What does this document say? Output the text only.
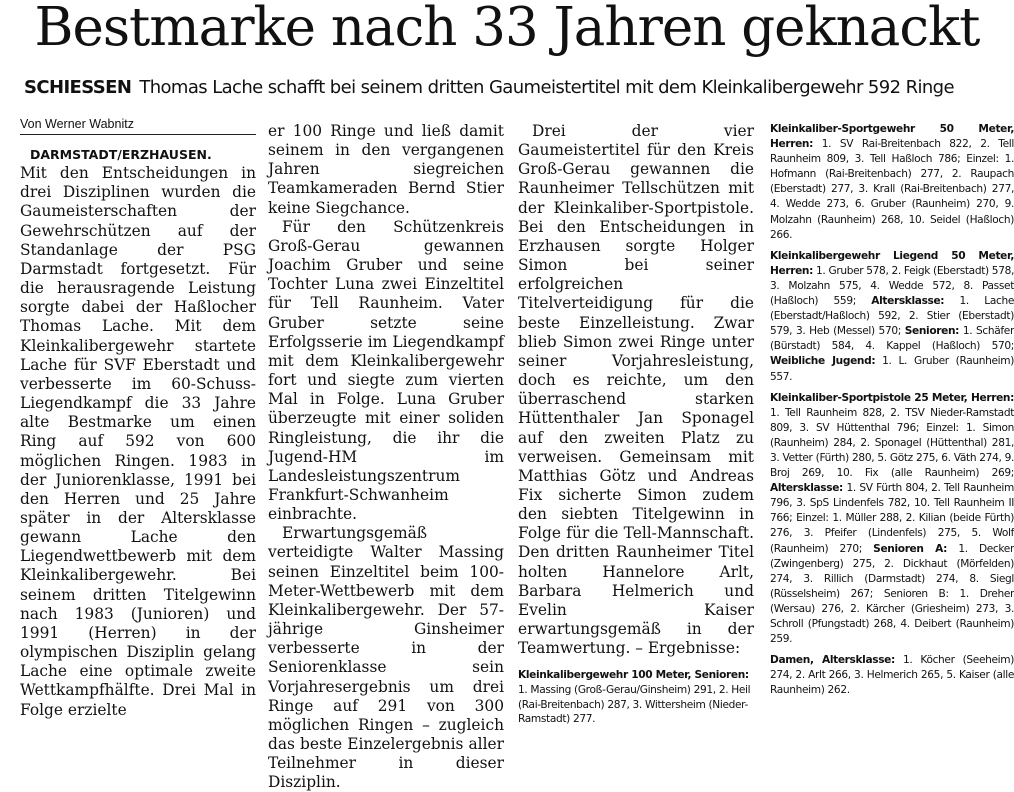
Bestmarke nach 33 Jahren geknackt
SCHIESSEN Thomas Lache schafft bei seinem dritten Gaumeistertitel mit dem Kleinkalibergewehr 592 Ringe
Von Werner Wabnitz
DARMSTADT/ERZHAUSEN.

Mit den Entscheidungen in drei Disziplinen wurden die Gaumeisterschaften der Gewehrschützen auf der Standanlage der PSG Darmstadt fortgesetzt. Für die herausragende Leistung sorgte dabei der Haßlocher Thomas Lache. Mit dem Kleinkalibergewehr startete Lache für SVF Eberstadt und verbesserte im 60-Schuss-Liegendkampf die 33 Jahre alte Bestmarke um einen Ring auf 592 von 600 möglichen Ringen. 1983 in der Juniorenklasse, 1991 bei den Herren und 25 Jahre später in der Altersklasse gewann Lache den Liegendwettbewerb mit dem Kleinkalibergewehr. Bei seinem dritten Titelgewinn nach 1983 (Junioren) und 1991 (Herren) in der olympischen Disziplin gelang Lache eine optimale zweite Wettkampfhälfte. Drei Mal in Folge erzielte

er 100 Ringe und ließ damit seinem in den vergangenen Jahren siegreichen Teamkameraden Bernd Stier keine Siegchance.

Für den Schützenkreis Groß-Gerau gewannen Joachim Gruber und seine Tochter Luna zwei Einzeltitel für Tell Raunheim. Vater Gruber setzte seine Erfolgsserie im Liegendkampf mit dem Kleinkalibergewehr fort und siegte zum vierten Mal in Folge. Luna Gruber überzeugte mit einer soliden Ringleistung, die ihr die Jugend-HM im Landesleistungszentrum Frankfurt-Schwanheim einbrachte.

Erwartungsgemäß verteidigte Walter Massing seinen Einzeltitel beim 100-Meter-Wettbewerb mit dem Kleinkalibergewehr. Der 57-jährige Ginsheimer verbesserte in der Seniorenklasse sein Vorjahresergebnis um drei Ringe auf 291 von 300 möglichen Ringen – zugleich das beste Einzelergebnis aller Teilnehmer in dieser Disziplin.

Drei der vier Gaumeistertitel für den Kreis Groß-Gerau gewannen die Raunheimer Tellschützen mit der Kleinkaliber-Sportpistole. Bei den Entscheidungen in Erzhausen sorgte Holger Simon bei seiner erfolgreichen Titelverteidigung für die beste Einzelleistung. Zwar blieb Simon zwei Ringe unter seiner Vorjahresleistung, doch es reichte, um den überraschend starken Hüttenthaler Jan Sponagel auf den zweiten Platz zu verweisen. Gemeinsam mit Matthias Götz und Andreas Fix sicherte Simon zudem den siebten Titelgewinn in Folge für die Tell-Mannschaft. Den dritten Raunheimer Titel holten Hannelore Arlt, Barbara Helmerich und Evelin Kaiser erwartungsgemäß in der Teamwertung. – Ergebnisse:

Kleinkalibergewehr 100 Meter, Senioren: 1. Massing (Groß-Gerau/Ginsheim) 291, 2. Heil (Rai-Breitenbach) 287, 3. Wittersheim (Nieder-Ramstadt) 277.
Kleinkaliber-Sportgewehr 50 Meter, Herren: 1. SV Rai-Breitenbach 822, 2. Tell Raunheim 809, 3. Tell Haßloch 786; Einzel: 1. Hofmann (Rai-Breitenbach) 277, 2. Raupach (Eberstadt) 277, 3. Krall (Rai-Breitenbach) 277, 4. Wedde 273, 6. Gruber (Raunheim) 270, 9. Molzahn (Raunheim) 268, 10. Seidel (Haßloch) 266.
Kleinkalibergewehr Liegend 50 Meter, Herren: 1. Gruber 578, 2. Feigk (Eberstadt) 578, 3. Molzahn 575, 4. Wedde 572, 8. Passet (Haßloch) 559; Altersklasse: 1. Lache (Eberstadt/Haßloch) 592, 2. Stier (Eberstadt) 579, 3. Heb (Messel) 570; Senioren: 1. Schäfer (Bürstadt) 584, 4. Kappel (Haßloch) 570; Weibliche Jugend: 1. L. Gruber (Raunheim) 557.
Kleinkaliber-Sportpistole 25 Meter, Herren: 1. Tell Raunheim 828, 2. TSV Nieder-Ramstadt 809, 3. SV Hüttenthal 796; Einzel: 1. Simon (Raunheim) 284, 2. Sponagel (Hüttenthal) 281, 3. Vetter (Fürth) 280, 5. Götz 275, 6. Väth 274, 9. Broj 269, 10. Fix (alle Raunheim) 269; Altersklasse: 1. SV Fürth 804, 2. Tell Raunheim 796, 3. SpS Lindenfels 782, 10. Tell Raunheim II 766; Einzel: 1. Müller 288, 2. Kilian (beide Fürth) 276, 3. Pfeifer (Lindenfels) 275, 5. Wolf (Raunheim) 270; Senioren A: 1. Decker (Zwingenberg) 275, 2. Dickhaut (Mörfelden) 274, 3. Rillich (Darmstadt) 274, 8. Siegl (Rüsselsheim) 267; Senioren B: 1. Dreher (Wersau) 276, 2. Kärcher (Griesheim) 273, 3. Schroll (Pfungstadt) 268, 4. Deibert (Raunheim) 259.
Damen, Altersklasse: 1. Köcher (Seeheim) 274, 2. Arlt 266, 3. Helmerich 265, 5. Kaiser (alle Raunheim) 262.
